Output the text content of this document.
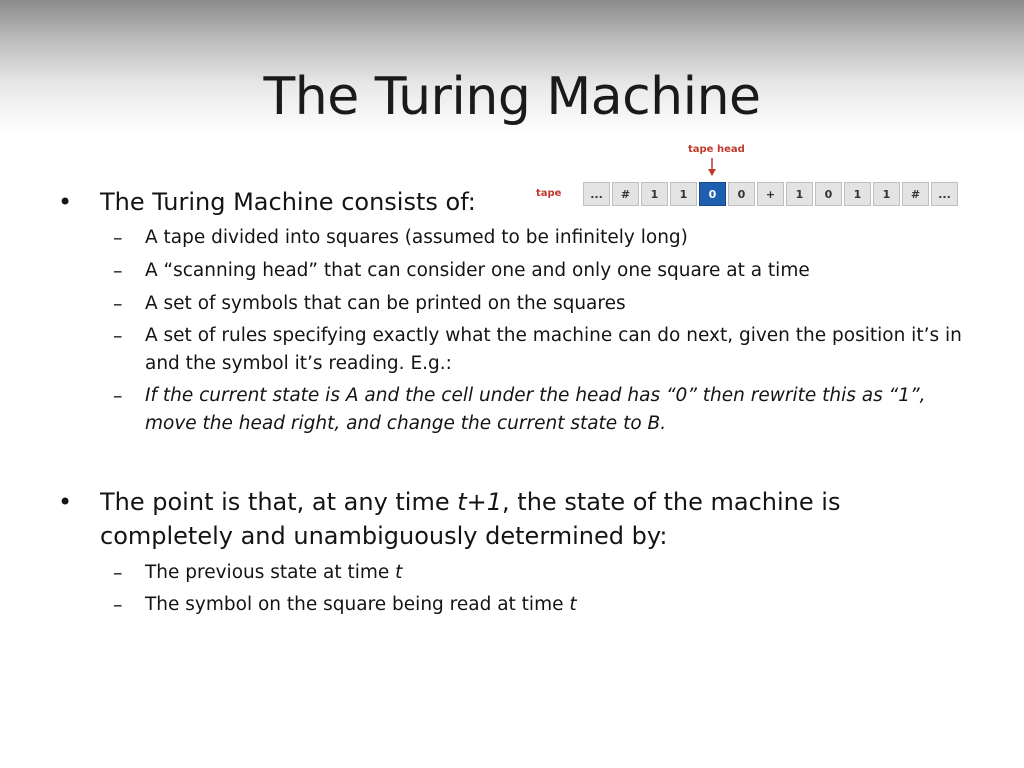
The Turing Machine
tape head
tape	...	#	1	1	0	0	+	1	0	1	1	#	...
•	The Turing Machine consists of:
– A tape divided into squares (assumed to be infinitely long)
– A “scanning head” that can consider one and only one square at a time
– A set of symbols that can be printed on the squares
– A set of rules specifying exactly what the machine can do next, given the position it’s in and the symbol it’s reading. E.g.:
– If the current state is A and the cell under the head has “0” then rewrite this as “1”, move the head right, and change the current state to B.
•	The point is that, at any time t+1, the state of the machine is completely and unambiguously determined by:
– The previous state at time t
– The symbol on the square being read at time t
